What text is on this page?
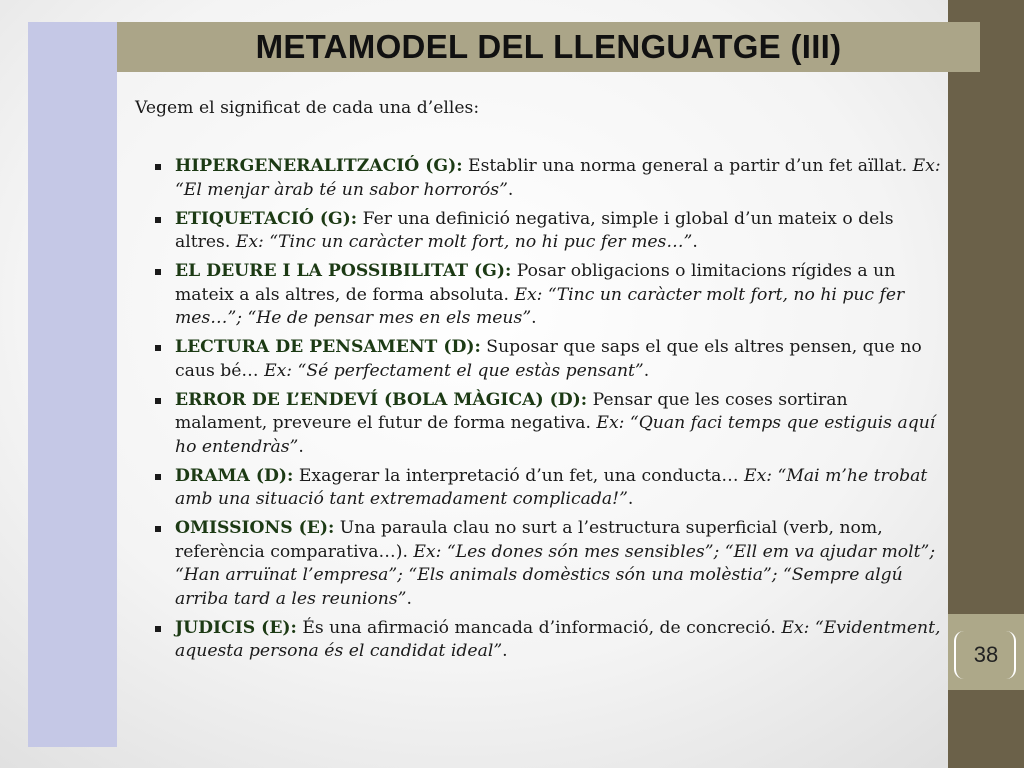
METAMODEL DEL LLENGUATGE (III)

Vegem el significat de cada una d’elles:

HIPERGENERALITZACIÓ (G): Establir una norma general a partir d’un fet aïllat. Ex: “El menjar àrab té un sabor horrorós”.
ETIQUETACIÓ (G): Fer una definició negativa, simple i global d’un mateix o dels altres. Ex: “Tinc un caràcter molt fort, no hi puc fer mes…”.
EL DEURE I LA POSSIBILITAT (G): Posar obligacions o limitacions rígides a un mateix a als altres, de forma absoluta. Ex: “Tinc un caràcter molt fort, no hi puc fer mes…”; “He de pensar mes en els meus”.
LECTURA DE PENSAMENT (D): Suposar que saps el que els altres pensen, que no caus bé… Ex: “Sé perfectament el que estàs pensant”.
ERROR DE L’ENDEVÍ (BOLA MÀGICA) (D): Pensar que les coses sortiran malament, preveure el futur de forma negativa. Ex: “Quan faci temps que estiguis aquí ho entendràs”.
DRAMA (D): Exagerar la interpretació d’un fet, una conducta… Ex: “Mai m’he trobat amb una situació tant extremadament complicada!”.
OMISSIONS (E): Una paraula clau no surt a l’estructura superficial (verb, nom, referència comparativa…). Ex: “Les dones són mes sensibles”; “Ell em va ajudar molt”; “Han arruïnat l’empresa”; “Els animals domèstics són una molèstia”; “Sempre algú arriba tard a les reunions”.
JUDICIS (E): És una afirmació mancada d’informació, de concreció. Ex: “Evidentment, aquesta persona és el candidat ideal”.	38
